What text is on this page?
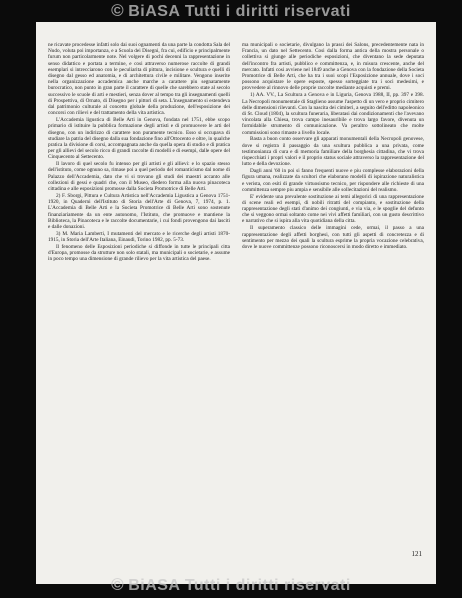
ne ricavate procedesse infatti solo dai suoi ognamenti da una parte la condotta Sala del Nudo, voluta poi importanza, e a Scuola dei Disegni, fra cui, edificio e principalmente furum non particolarmente note. Nel volgere di pochi decenni la rappresentazione in senso didattico e portata a termine, e cosi attraverso numerose raccolte di grandi esemplari si intrecciarono con le peculiarita di pittura, incisione e scultura e quelli di disegno dal gesso ed anatomia, e di architettura civile e militare. Vengono inserite nella organizzazione accademica anche marche a carattere piu segnatamente burocratico, non punto in gran parte il carattere di quelle che sarebbero state al secolo successivo le scuole di arti e mestieri, senza dover al tempo tra gli insegnamenti quelli di Prospettiva, di Ornato, di Disegno per i pittori di seta. L'insegnamento si estendeva dal patrimonio culturale al concetto globale della produzione, dell'esposizione dei concorsi con rilievi e del trattamento della vita artistica.

L'Accademia ligustica di Belle Arti in Genova, fondata nel 1751, ebbe scopo primario di istituire la pubblica formazione degli artisti e di promuovere le arti del disegno, con un indirizzo di carattere non puramente tecnico. Esso si occupava di studiare la patria del disegno dalla sua fondazione fino all'Ottocento e oltre, in qualche pratica la divisione di corsi, accompagnata anche da quella opera di studio e di pratica per gli allievi del secolo ricco di grandi raccolte di modelli e di esempi, dalle opere del Cinquecento al Settecento.

Il lavoro di quel secolo fu intenso per gli artisti e gli allievi: e lo spazio stesso dell'istituto, come ognuno sa, rimase poi a quel periodo del romanticismo dal nome di Palazzo dell'Accademia, dato che vi si trovano gli studi dei maestri accanto alle collezioni di gessi e quadri che, con il Museo, diedero forma alla nuova pinacoteca cittadina e alle esposizioni promosse dalla Societa Promotrice di Belle Arti.

2) F. Sborgi, Pittura e Cultura Artistica nell'Accademia Ligustica a Genova 1751-1920, in Quaderni dell'Istituto di Storia dell'Arte di Genova, 7, 1974, p. 1. L'Accademia di Belle Arti e la Societa Promotrice di Belle Arti sono sostenute finanziariamente da un ente autonomo, l'Istituto, che promuove e mantiene la Biblioteca, la Pinacoteca e le raccolte documentarie, i cui fondi provengono dai lasciti e dalle donazioni.

3) M. Maria Lamberti, I mutamenti del mercato e le ricerche degli artisti 1870-1915, in Storia dell'Arte Italiana, Einaudi, Torino 1982, pp. 5-73.

Il fenomeno delle Esposizioni periodiche si diffonde in tutte le principali citta d'Europa, promosse da strutture non solo statali, ma municipali o societarie, e assume in poco tempo una dimensione di grande rilievo per la vita artistica del paese.

ma municipali o societarie, divulgano la prassi dei Salons, precedentemente nata in Francia, un dato nel Settecento. Cosi dalla forma antica della mostra personale o collettiva si giunge alle periodiche esposizioni, che diventano la sede deputata dell'incontro fra artisti, pubblico e committenza, e, in misura crescente, anche del mercato. Infatti cosi avviene nel 1849 anche a Genova con la fondazione della Societa Promotrice di Belle Arti, che ha tra i suoi scopi l'Esposizione annuale, dove i soci possono acquistare le opere esposte, spesso sorteggiate tra i soci medesimi, e provvedere al rinnovo delle proprie raccolte mediante acquisti e premi.

1) AA. VV., La Scultura a Genova e in Liguria, Genova 1988, II, pp. 397 e 398. La Necropoli monumentale di Staglieno assume l'aspetto di un vero e proprio cimitero delle dimensioni rilevanti. Con la nascita dei cimiteri, a seguito dell'editto napoleonico di St. Cloud (1804), la scultura funeraria, liberatasi dai condizionamenti che l'avevano vincolata alla Chiesa, trova campo inesauribile e trova largo favore, divenuta un formidabile strumento di comunicazione. Va peraltro sottolineato che molte commissioni sono rimaste a livello locale.

Basta a buon conto osservare gli apparati monumentali della Necropoli genovese, dove si registra il passaggio da una scultura pubblica a una privata, come testimonianza di cura e di memoria familiare della borghesia cittadina, che vi trova rispecchiati i propri valori e il proprio status sociale attraverso la rappresentazione del lutto e della devozione.

Dagli anni '60 in poi si fanno frequenti nuove e piu complesse elaborazioni della figura umana, realizzate da scultori che elaborano modelli di ispirazione naturalistica e verista, con esiti di grande virtuosismo tecnico, per rispondere alle richieste di una committenza sempre piu ampia e sensibile alle sollecitazioni del realismo.

E' evidente una prevalente sostituzione ai temi allegorici di una rappresentazione di scene reali ed esempi, di nobili ritratti del compianto, e sostituzione della rappresentazione degli stati d'animo dei congiunti, e via via, e le spoglie del defunto che si veggono ormai soltanto come nei vivi affetti familiari, con un gusto descrittivo e narrativo che si ispira alla vita quotidiana della citta.

Il superamento classico delle immagini cede, ormai, il passo a una rappresentazione degli affetti borghesi, con tutti gli aspetti di concretezza e di sentimento per mezzo dei quali la scultura esprime la propria vocazione celebrativa, dove le nuove committenze possono riconoscersi in modo diretto e immediato.

121
© BiASA Tutti i diritti riservati
© BiASA Tutti i diritti riservati
